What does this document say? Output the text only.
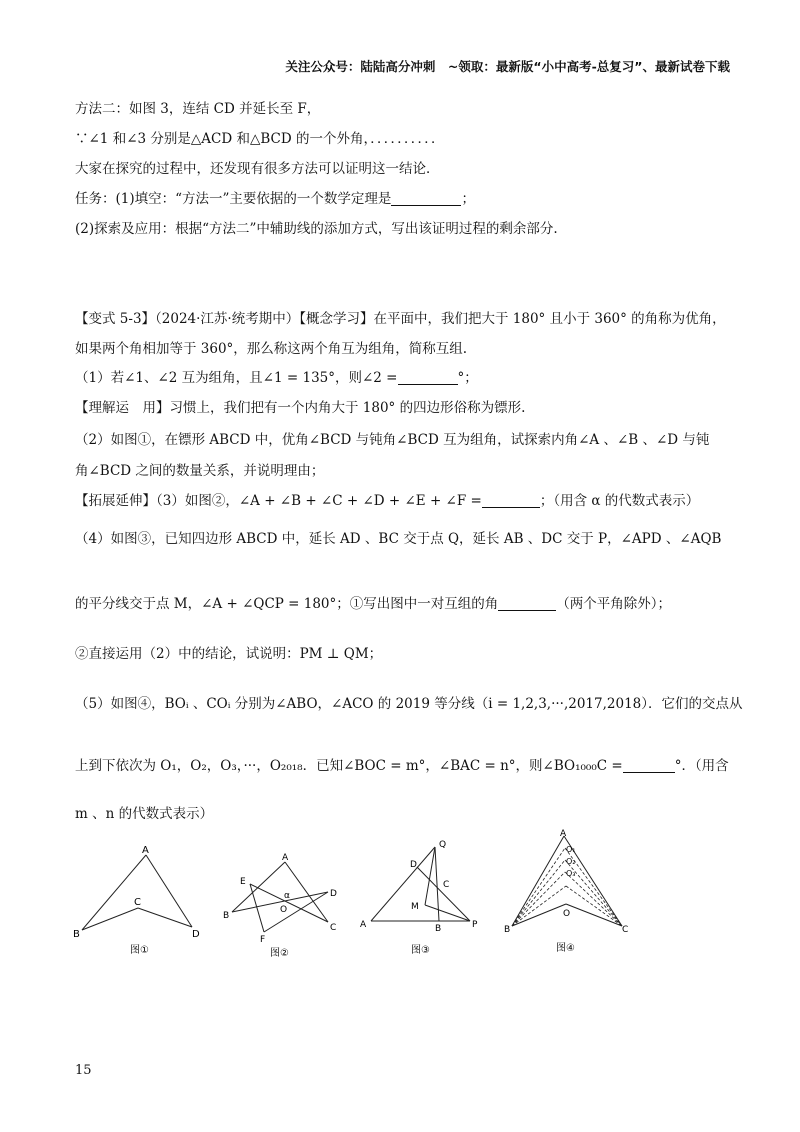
关注公众号：陆陆高分冲刺　~领取：最新版“小中高考-总复习”、最新试卷下载
方法二：如图 3，连结 CD 并延长至 F，
∵∠1 和∠3 分别是△ACD 和△BCD 的一个外角，．．．．．．．．．．
大家在探究的过程中，还发现有很多方法可以证明这一结论．
任务：(1)填空：“方法一”主要依据的一个数学定理是	；
(2)探索及应用：根据“方法二”中辅助线的添加方式，写出该证明过程的剩余部分.
【变式 5-3】（2024·江苏·统考期中）【概念学习】在平面中，我们把大于 180° 且小于 360° 的角称为优角，
如果两个角相加等于 360°，那么称这两个角互为组角，简称互组.
（1）若∠1、∠2 互为组角，且∠1 = 135°，则∠2 =	°；
【理解运　用】习惯上，我们把有一个内角大于 180° 的四边形俗称为镖形.
（2）如图①，在镖形 ABCD 中，优角∠BCD 与钝角∠BCD 互为组角，试探索内角∠A 、∠B 、∠D 与钝
角∠BCD 之间的数量关系，并说明理由；
【拓展延伸】（3）如图②，∠A + ∠B + ∠C + ∠D + ∠E + ∠F =	；（用含 α 的代数式表示）
（4）如图③，已知四边形 ABCD 中，延长 AD 、BC 交于点 Q，延长 AB 、DC 交于 P，∠APD 、∠AQB
的平分线交于点 M，∠A + ∠QCP = 180°；①写出图中一对互组的角	（两个平角除外）；
②直接运用（2）中的结论，试说明：PM ⊥ QM；
（5）如图④，BOᵢ 、COᵢ 分别为∠ABO，∠ACO 的 2019 等分线（i = 1,2,3,···,2017,2018）．它们的交点从
上到下依次为 O₁，O₂，O₃，···，O₂₀₁₈．已知∠BOC = m°，∠BAC = n°，则∠BO₁₀₀₀C =	°．（用含
m 、n 的代数式表示）
A
B
C
D
图①
A
B
C
D
E
F
O
α
图②
Q
D
C
M
A	B	P
图③
A
O₁
O₂
O₃
O
B	C
图④
15
